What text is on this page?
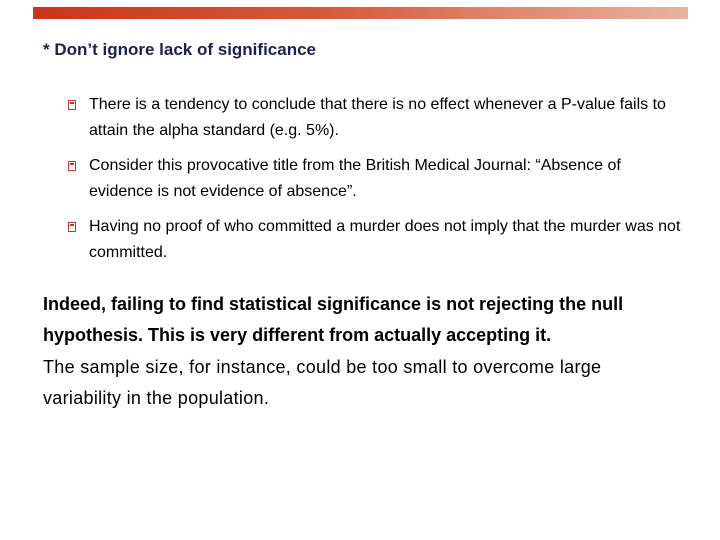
* Don’t ignore lack of significance
There is a tendency to conclude that there is no effect whenever a P-value fails to attain the alpha standard (e.g. 5%).
Consider this provocative title from the British Medical Journal: “Absence of evidence is not evidence of absence”.
Having no proof of who committed a murder does not imply that the murder was not committed.
Indeed, failing to find statistical significance is not rejecting the null hypothesis. This is very different from actually accepting it.
The sample size, for instance, could be too small to overcome large variability in the population.
